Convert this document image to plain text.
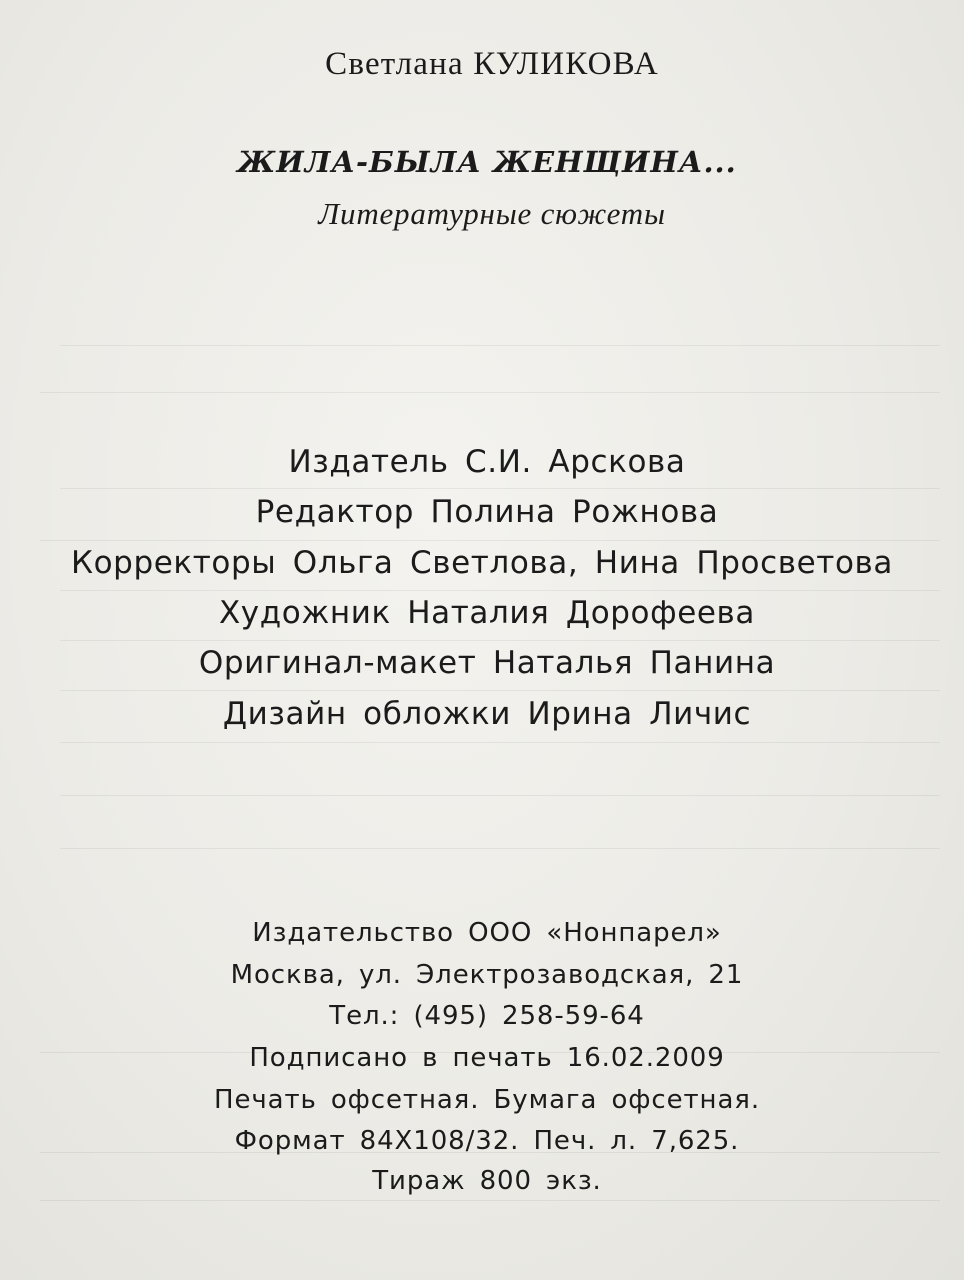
Светлана КУЛИКОВА
ЖИЛА-БЫЛА ЖЕНЩИНА...
Литературные сюжеты
Издатель С.И. Арскова
Редактор Полина Рожнова
Корректоры Ольга Светлова, Нина Просветова
Художник Наталия Дорофеева
Оригинал-макет Наталья Панина
Дизайн обложки Ирина Личис
Издательство ООО «Нонпарел»
Москва, ул. Электрозаводская, 21
Тел.: (495) 258-59-64
Подписано в печать 16.02.2009
Печать офсетная. Бумага офсетная.
Формат 84Х108/32. Печ. л. 7,625.
Тираж 800 экз.
